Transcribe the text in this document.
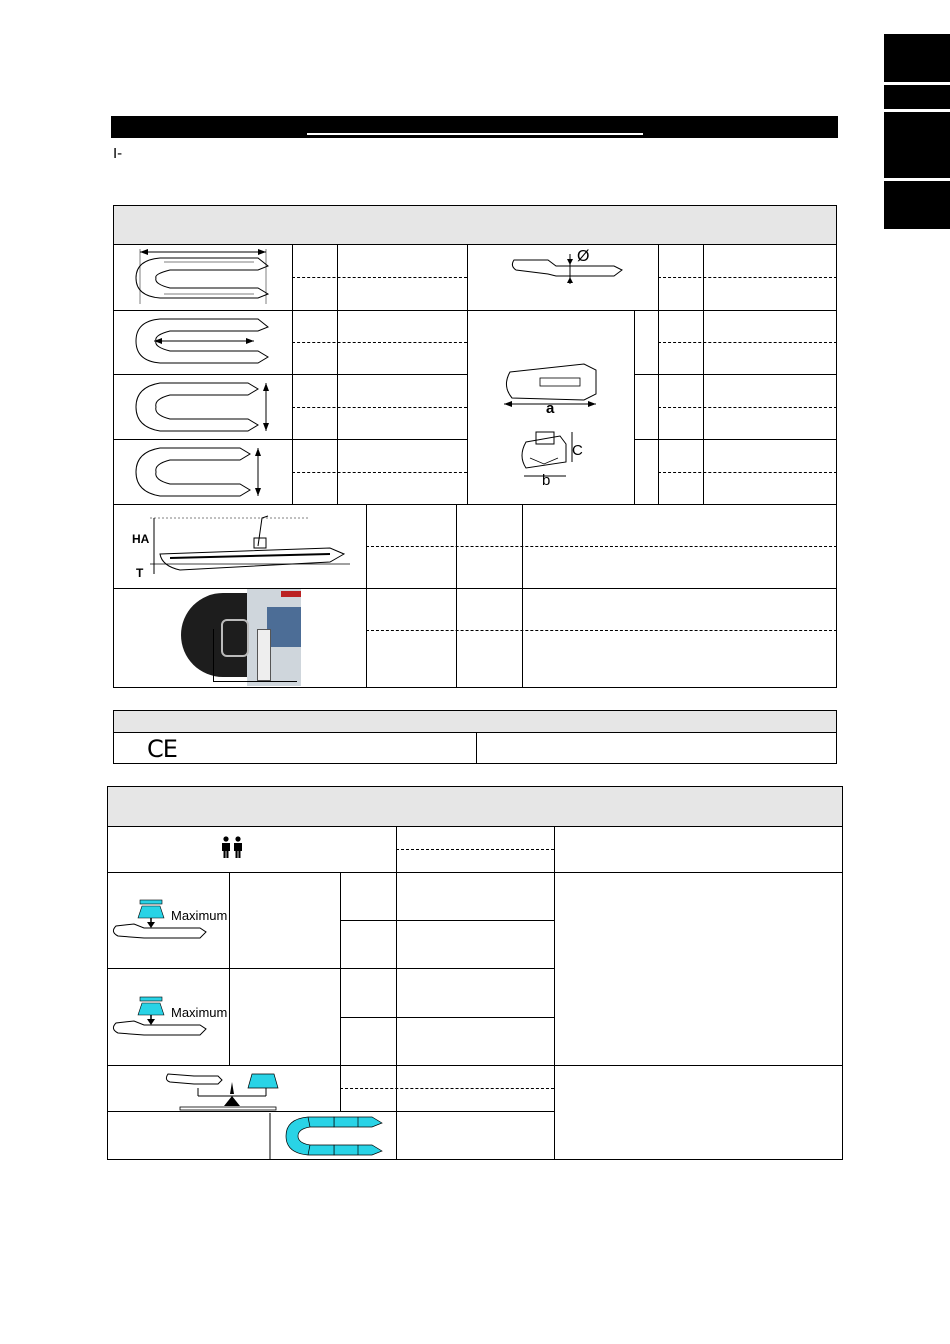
I-
Ø
a
C
b
HA
T
CE
Maximum
Maximum
